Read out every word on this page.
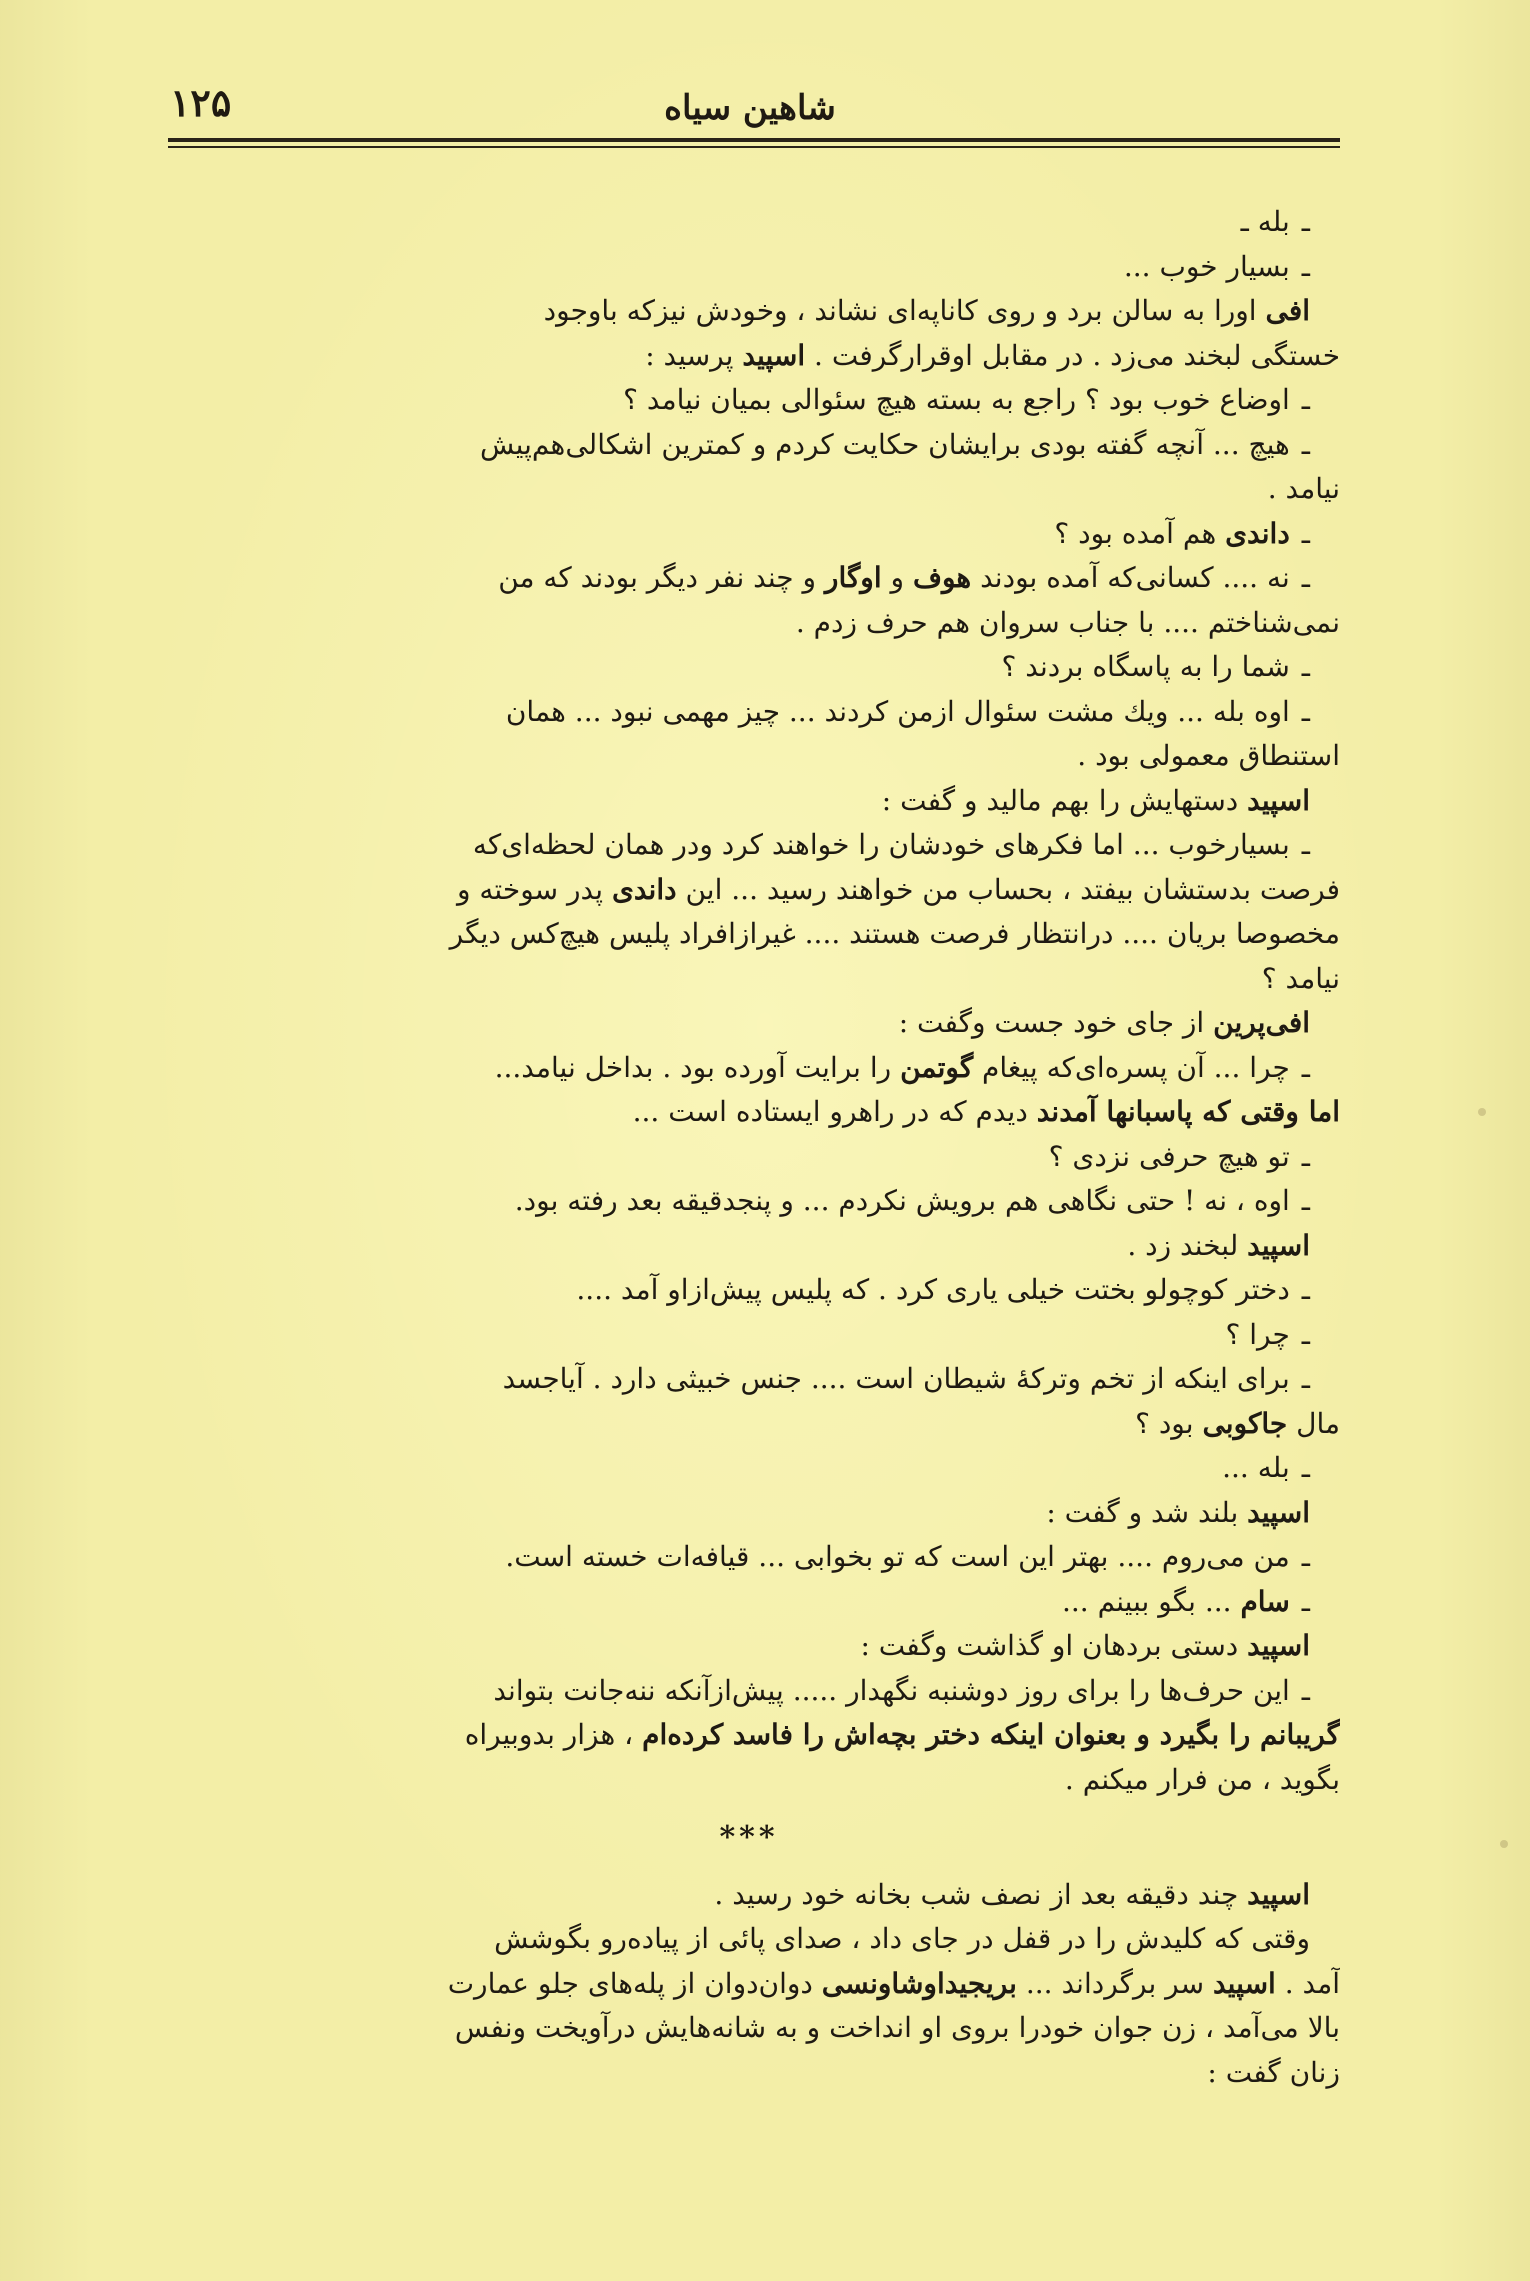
شاهین سیاه
۱۲۵
ـبله ـ
ـبسیار خوب ...
افی اورا به سالن برد و روی کاناپه‌ای نشاند ، وخودش نیزکه باوجود
خستگی لبخند می‌زد . در مقابل اوقرارگرفت . اسپید پرسید :
ـاوضاع خوب بود ؟ راجع به بسته هیچ سئوالی بمیان نیامد ؟
ـهیچ ... آنچه گفته بودی برایشان حکایت کردم و کمترین اشکالی‌هم‌پیش
نیامد .
ـداندی هم آمده بود ؟
ـنه .... کسانی‌که آمده بودند هوف و اوگار و چند نفر دیگر بودند که من
نمی‌شناختم .... با جناب سروان هم حرف زدم .
ـشما را به پاسگاه بردند ؟
ـاوه بله ... ویك مشت سئوال ازمن کردند ... چیز مهمی نبود ... همان
استنطاق معمولی بود .
اسپید دستهایش را بهم مالید و گفت :
ـبسیارخوب ... اما فکرهای خودشان را خواهند کرد ودر همان لحظه‌ای‌که
فرصت بدستشان بیفتد ، بحساب من خواهند رسید ... این داندی پدر سوخته و
مخصوصا بریان .... درانتظار فرصت هستند .... غیرازافراد پلیس هیچ‌کس دیگر
نیامد ؟
افی‌پرین از جای خود جست وگفت :
ـچرا ... آن پسره‌ای‌که پیغام گوتمن را برایت آورده بود . بداخل نیامد...
اما وقتی که پاسبانها آمدند دیدم که در راهرو ایستاده است ...
ـتو هیچ حرفی نزدی ؟
ـاوه ، نه ! حتی نگاهی هم برویش نکردم ... و پنجدقیقه بعد رفته بود.
اسپید لبخند زد .
ـدختر کوچولو بختت خیلی یاری کرد . که پلیس پیش‌ازاو آمد ....
ـچرا ؟
ـبرای اینکه از تخم وترکهٔ شیطان است .... جنس خبیثی دارد . آیاجسد
مال جاکوبی بود ؟
ـبله ...
اسپید بلند شد و گفت :
ـمن می‌روم .... بهتر این است که تو بخوابی ... قیافه‌ات خسته است.
ـسام ... بگو ببینم ...
اسپید دستی بردهان او گذاشت وگفت :
ـاین حرف‌ها را برای روز دوشنبه نگهدار ..... پیش‌ازآنکه ننه‌جانت بتواند
گریبانم را بگیرد و بعنوان اینکه دختر بچه‌اش را فاسد کرده‌ام ، هزار بدوبیراه
بگوید ، من فرار میکنم .
***
اسپید چند دقیقه بعد از نصف شب بخانه خود رسید .
وقتی که کلیدش را در قفل در جای داد ، صدای پائی از پیاده‌رو بگوشش
آمد . اسپید سر برگرداند ... بریجیداوشاونسی دوان‌دوان از پله‌های جلو عمارت
بالا می‌آمد ، زن جوان خودرا بروی او انداخت و به شانه‌هایش درآویخت ونفس
زنان گفت :
